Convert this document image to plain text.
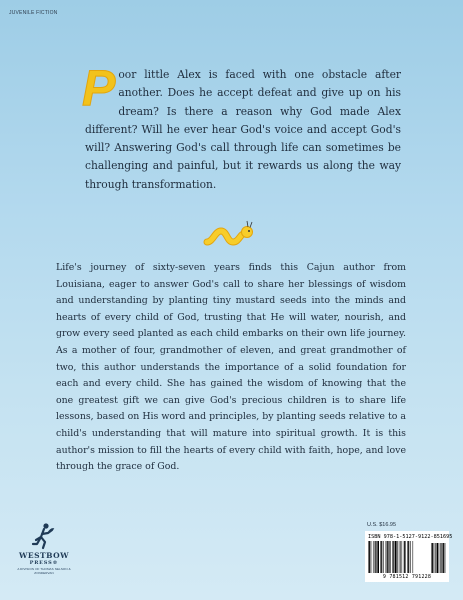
JUVENILE FICTION
Poor little Alex is faced with one obstacle after another. Does he accept defeat and give up on his dream? Is there a reason why God made Alex different? Will he ever hear God's voice and accept God's will? Answering God's call through life can sometimes be challenging and painful, but it rewards us along the way through transformation.
Life's journey of sixty-seven years finds this Cajun author from Louisiana, eager to answer God's call to share her blessings of wisdom and understanding by planting tiny mustard seeds into the minds and hearts of every child of God, trusting that He will water, nourish, and grow every seed planted as each child embarks on their own life journey. As a mother of four, grandmother of eleven, and great grandmother of two, this author understands the importance of a solid foundation for each and every child. She has gained the wisdom of knowing that the one greatest gift we can give God's precious children is to share life lessons, based on His word and principles, by planting seeds relative to a child's understanding that will mature into spiritual growth. It is this author's mission to fill the hearts of every child with faith, hope, and love through the grace of God.
U.S. $16.95
ISBN 978-1-5127-9122-8 51695
9 781512 791228
WESTBOW
PRESS®
A DIVISION OF THOMAS NELSON & ZONDERVAN
